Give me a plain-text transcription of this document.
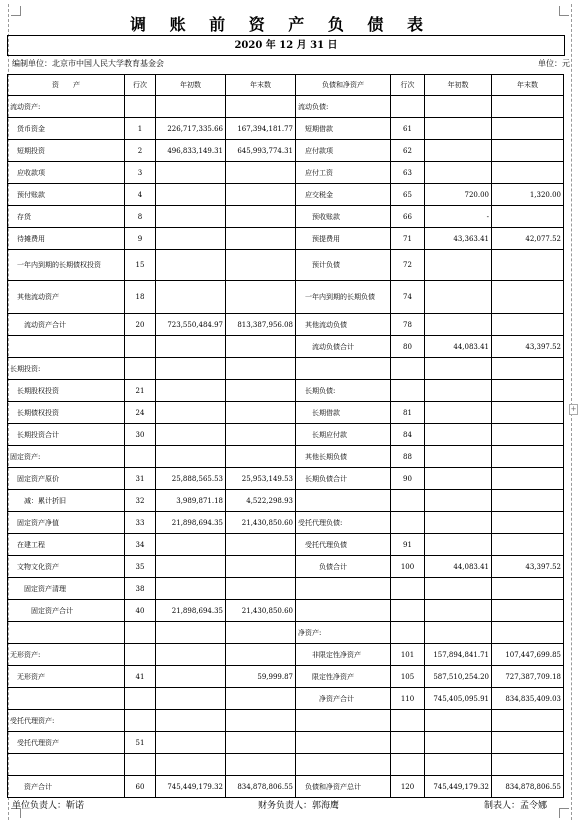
调 账 前 资 产 负 债 表
2020 年 12 月 31 日
编制单位：北京市中国人民大学教育基金会	单位：元
资　　产	行次	年初数	年末数	负债和净资产	行次	年初数	年末数
流动资产:				流动负债:			
　货币资金	1	226,717,335.66	167,394,181.77	　短期借款	61		
　短期投资	2	496,833,149.31	645,993,774.31	　应付款项	62		
　应收款项	3			　应付工资	63		
　预付账款	4			　应交税金	65	720.00	1,320.00
　存货	8			　　预收账款	66	-	
　待摊费用	9			　　预提费用	71	43,363.41	42,077.52
　一年内到期的长期债权投资	15			　　预计负债	72		
　其他流动资产	18			　一年内到期的长期负债	74		
　　流动资产合计	20	723,550,484.97	813,387,956.08	　其他流动负债	78		
				　　流动负债合计	80	44,083.41	43,397.52
长期投资:							
　长期股权投资	21			　长期负债:			
　长期债权投资	24			　　长期借款	81		
　长期投资合计	30			　　长期应付款	84		
固定资产:				　其他长期负债	88		
　固定资产原价	31	25,888,565.53	25,953,149.53	　长期负债合计	90		
　　减：累计折旧	32	3,989,871.18	4,522,298.93				
　固定资产净值	33	21,898,694.35	21,430,850.60	受托代理负债:			
　在建工程	34			　受托代理负债	91		
　文物文化资产	35			　　　负债合计	100	44,083.41	43,397.52
　　固定资产清理	38						
　　　固定资产合计	40	21,898,694.35	21,430,850.60				
				净资产:			
无形资产:				　　非限定性净资产	101	157,894,841.71	107,447,699.85
　无形资产	41		59,999.87	　　限定性净资产	105	587,510,254.20	727,387,709.18
				　　　净资产合计	110	745,405,095.91	834,835,409.03
受托代理资产:							
　受托代理资产	51						

　　资产合计	60	745,449,179.32	834,878,806.55	　负债和净资产总计	120	745,449,179.32	834,878,806.55
单位负责人：靳诺	财务负责人：郭海鹰	制表人：孟令娜
+
